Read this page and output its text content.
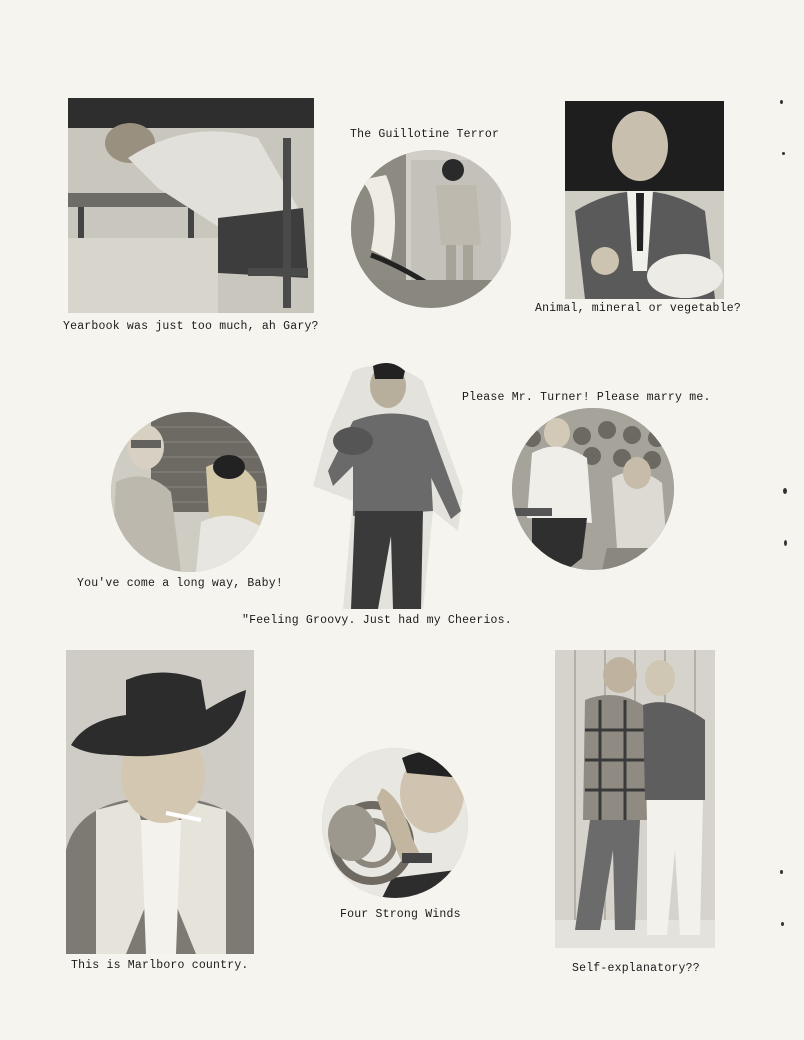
The Guillotine Terror
Yearbook was just too much, ah Gary?
Animal, mineral or vegetable?
Please Mr. Turner! Please marry me.
You've come a long way, Baby!
"Feeling Groovy. Just had my Cheerios.
Four Strong Winds
This is Marlboro country.	Self-explanatory??
